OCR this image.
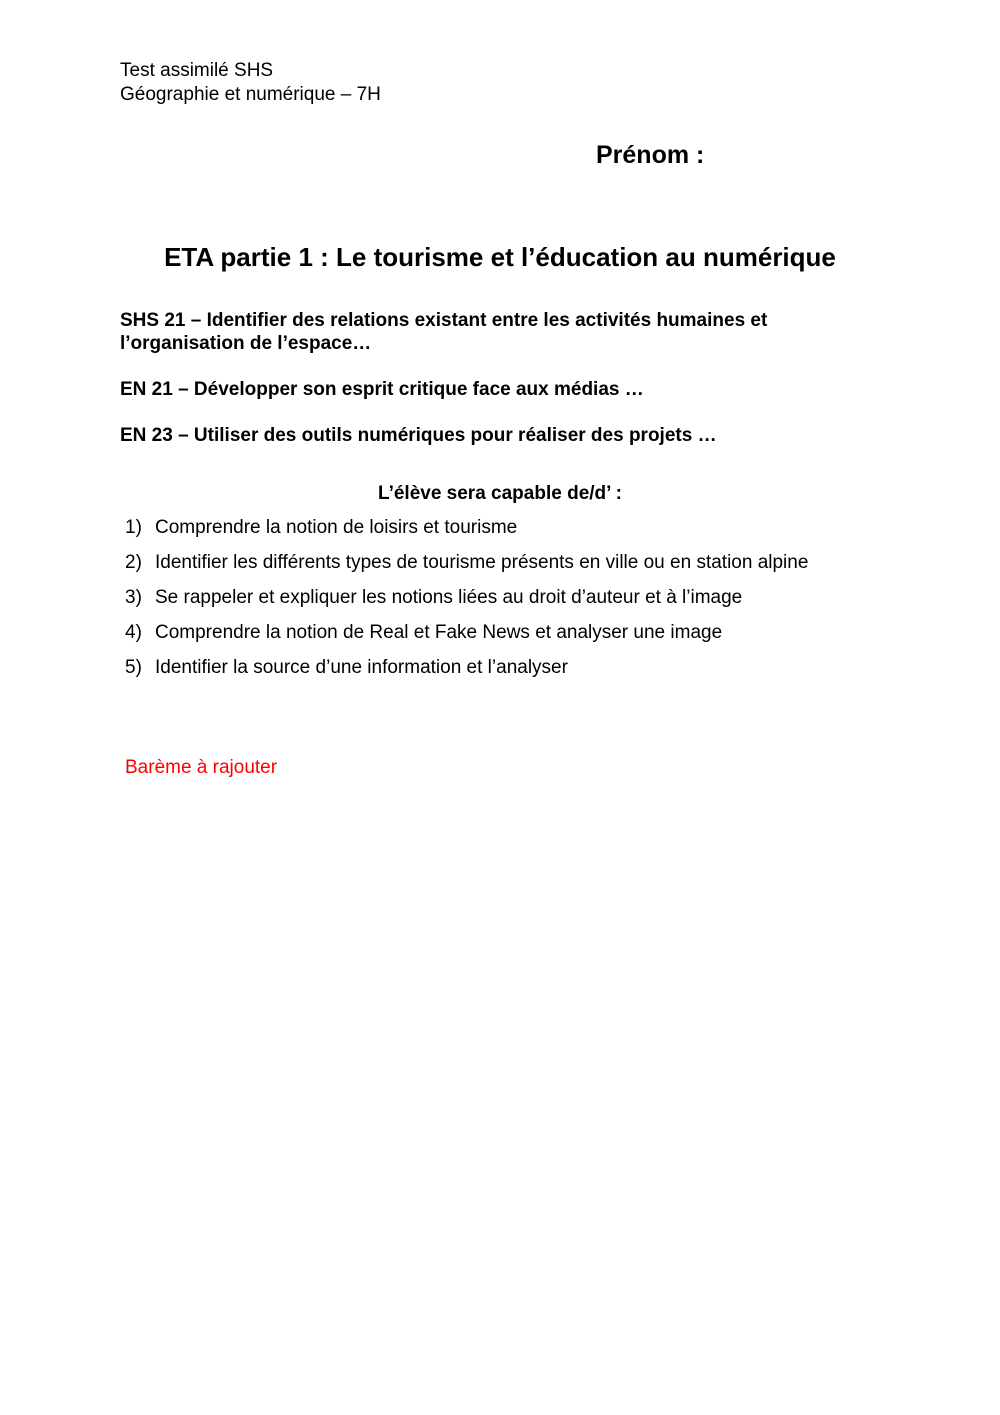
Test assimilé SHS
Géographie et numérique – 7H
Prénom :
ETA partie 1 : Le tourisme et l’éducation au numérique
SHS 21 – Identifier des relations existant entre les activités humaines et l’organisation de l’espace…
EN 21 – Développer son esprit critique face aux médias …
EN 23 – Utiliser des outils numériques pour réaliser des projets …
L’élève sera capable de/d’ :
1) Comprendre la notion de loisirs et tourisme
2) Identifier les différents types de tourisme présents en ville ou en station alpine
3) Se rappeler et expliquer les notions liées au droit d’auteur et à l’image
4) Comprendre la notion de Real et Fake News et analyser une image
5) Identifier la source d’une information et l’analyser
Barème à rajouter
